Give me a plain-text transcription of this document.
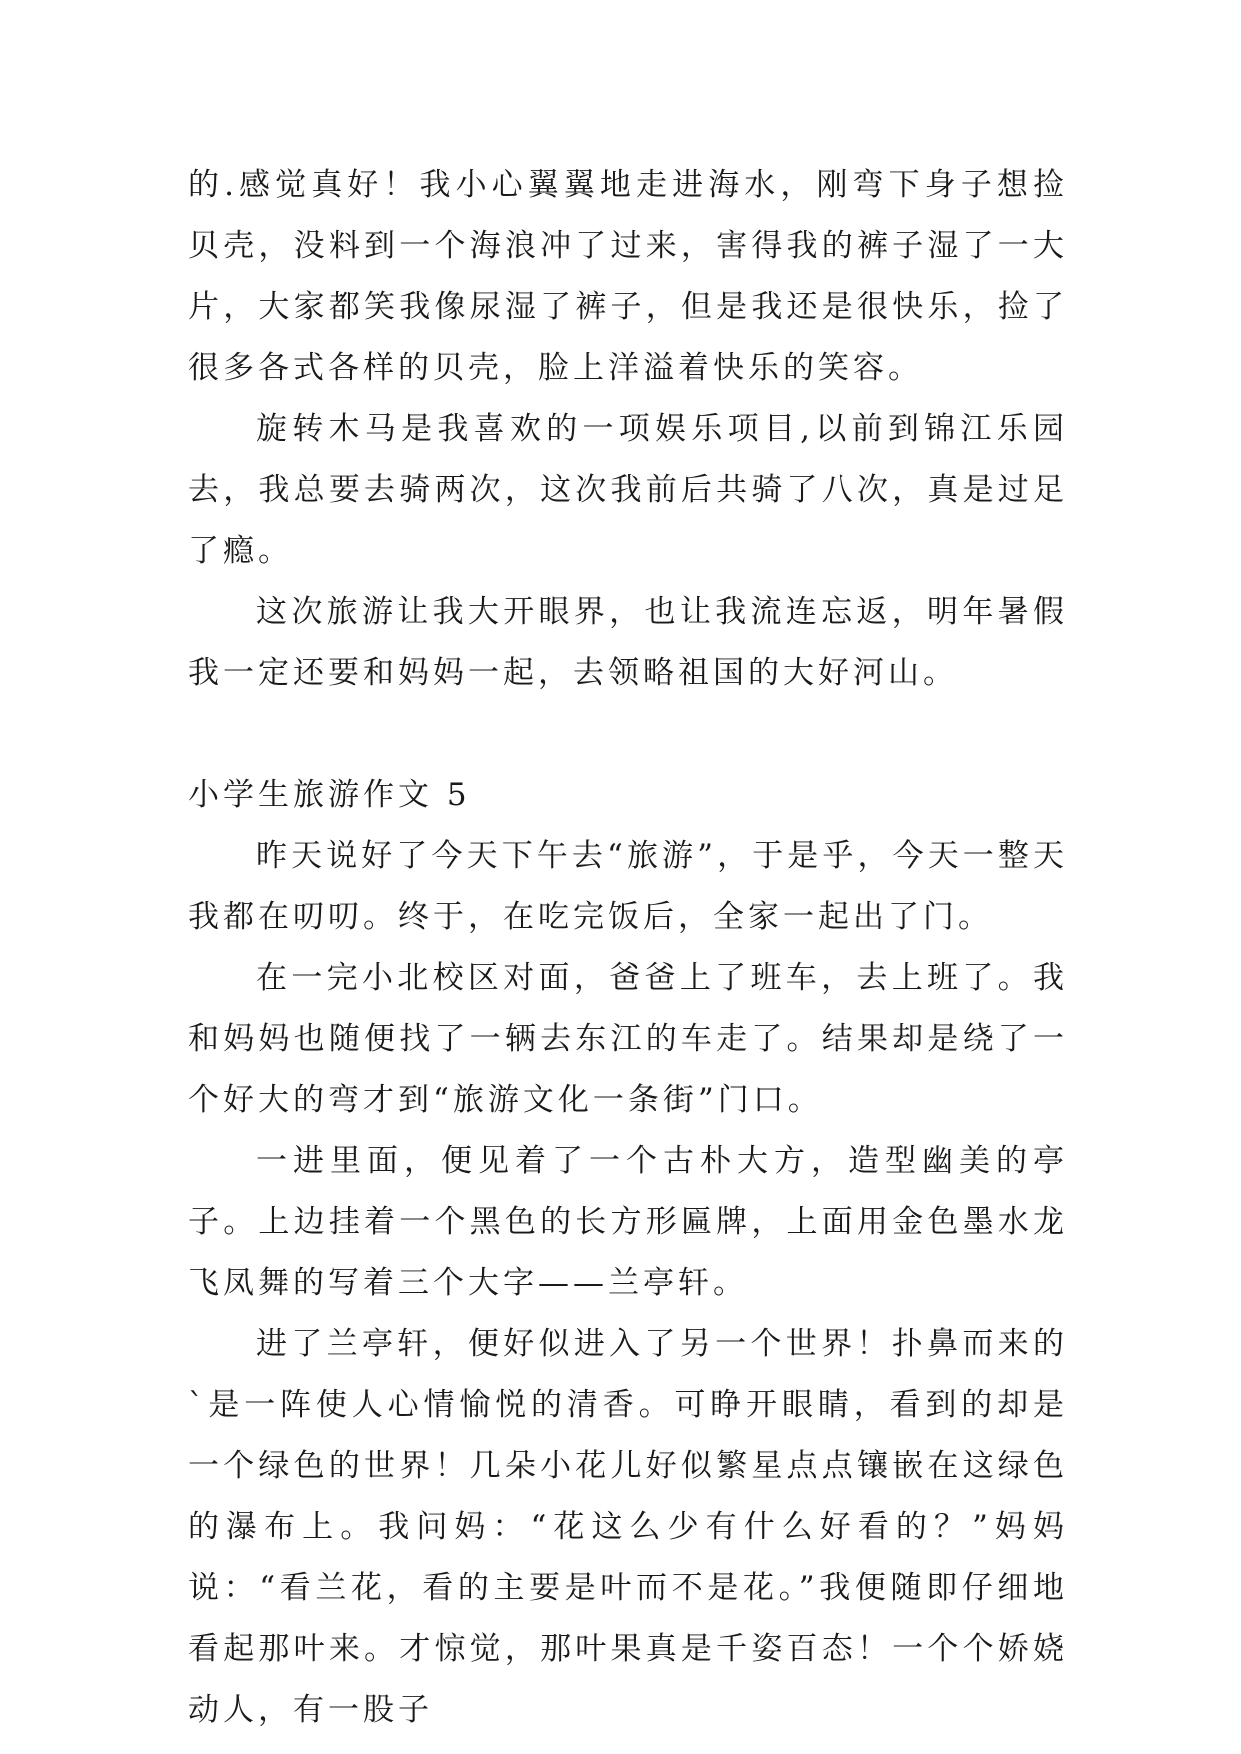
的.感觉真好！我小心翼翼地走进海水，刚弯下身子想捡贝壳，没料到一个海浪冲了过来，害得我的裤子湿了一大片，大家都笑我像尿湿了裤子，但是我还是很快乐，捡了很多各式各样的贝壳，脸上洋溢着快乐的笑容。

旋转木马是我喜欢的一项娱乐项目,以前到锦江乐园去，我总要去骑两次，这次我前后共骑了八次，真是过足了瘾。

这次旅游让我大开眼界，也让我流连忘返，明年暑假我一定还要和妈妈一起，去领略祖国的大好河山。

小学生旅游作文 5

昨天说好了今天下午去“旅游”，于是乎，今天一整天我都在叨叨。终于，在吃完饭后，全家一起出了门。

在一完小北校区对面，爸爸上了班车，去上班了。我和妈妈也随便找了一辆去东江的车走了。结果却是绕了一个好大的弯才到“旅游文化一条街”门口。

一进里面，便见着了一个古朴大方，造型幽美的亭子。上边挂着一个黑色的长方形匾牌，上面用金色墨水龙飞凤舞的写着三个大字——兰亭轩。

进了兰亭轩，便好似进入了另一个世界！扑鼻而来的`是一阵使人心情愉悦的清香。可睁开眼睛，看到的却是一个绿色的世界！几朵小花儿好似繁星点点镶嵌在这绿色的瀑布上。我问妈：“花这么少有什么好看的？”妈妈说：“看兰花，看的主要是叶而不是花。”我便随即仔细地看起那叶来。才惊觉，那叶果真是千姿百态！一个个娇娆动人，有一股子
